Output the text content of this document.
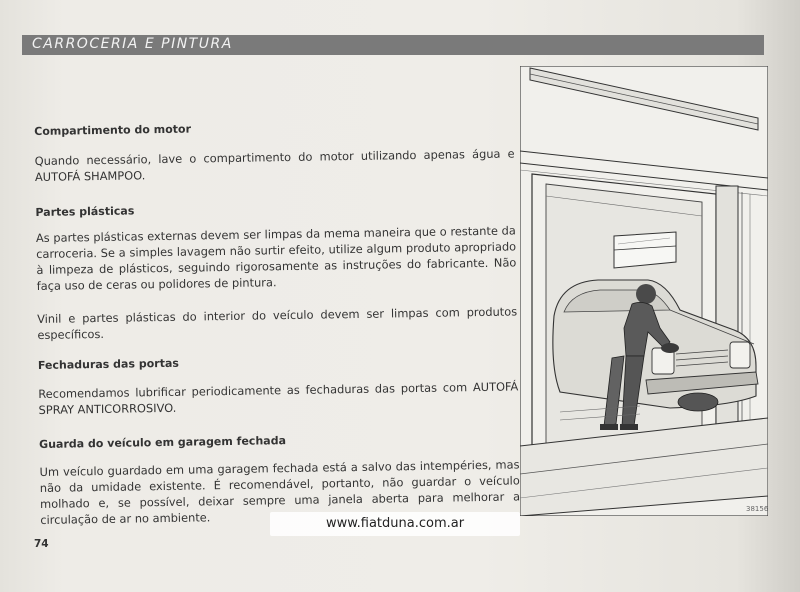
CARROCERIA E PINTURA
Compartimento do motor

Quando necessário, lave o compartimento do motor utilizando apenas água e AUTOFÁ SHAMPOO.

Partes plásticas

As partes plásticas externas devem ser limpas da mema maneira que o restante da carroceria. Se a simples lavagem não surtir efeito, utilize algum produto apropriado à limpeza de plásticos, seguindo rigorosamente as instruções do fabricante. Não faça uso de ceras ou polidores de pintura.

Vinil e partes plásticas do interior do veículo devem ser limpas com produtos específicos.

Fechaduras das portas

Recomendamos lubrificar periodicamente as fechaduras das portas com AUTOFÁ SPRAY ANTICORROSIVO.

Guarda do veículo em garagem fechada

Um veículo guardado em uma garagem fechada está a salvo das intempéries, mas não da umidade existente. É recomendável, portanto, não guardar o veículo molhado e, se possível, deixar sempre uma janela aberta para melhorar a circulação de ar no ambiente.

74
38156
www.fiatduna.com.ar
